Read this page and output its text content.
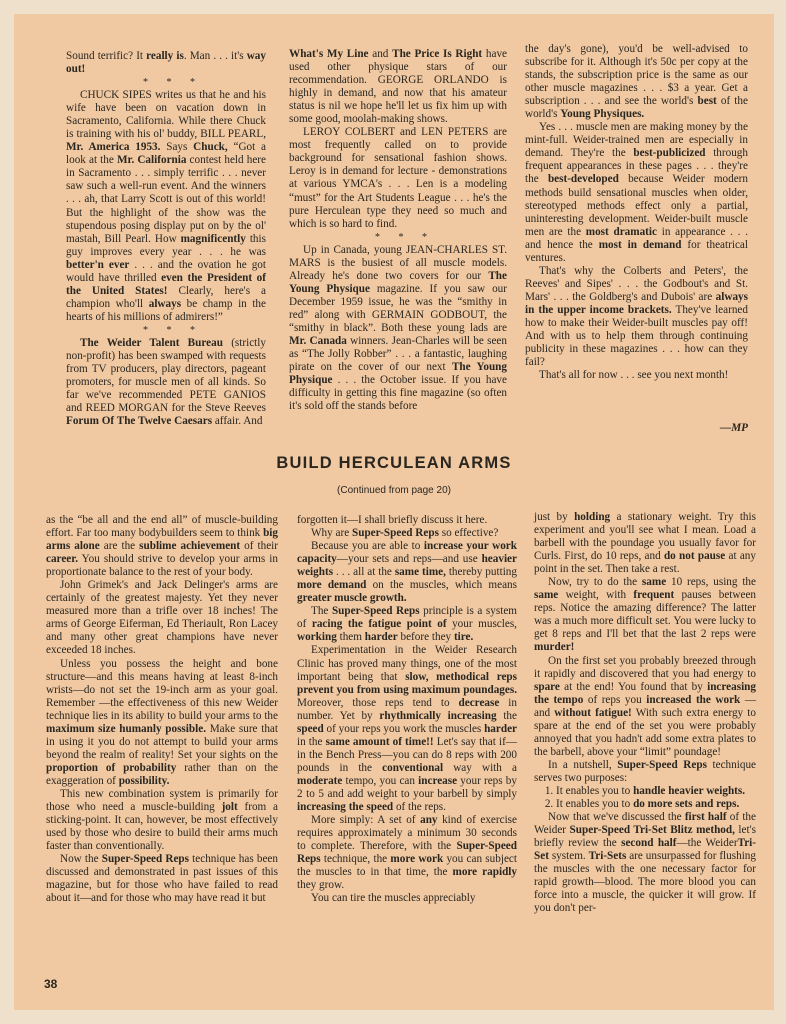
Sound terrific? It really is. Man . . . it's way out!

* * *

CHUCK SIPES writes us that he and his wife have been on vacation down in Sacramento, California. While there Chuck is training with his ol' buddy, BILL PEARL, Mr. America 1953. Says Chuck, “Got a look at the Mr. California contest held here in Sacramento . . . simply terrific . . . never saw such a well-run event. And the winners . . . ah, that Larry Scott is out of this world! But the highlight of the show was the stupendous posing display put on by the ol' mastah, Bill Pearl. How magnificently this guy improves every year . . . he was better'n ever . . . and the ovation he got would have thrilled even the President of the United States! Clearly, here's a champion who'll always be champ in the hearts of his millions of admirers!”

* * *

The Weider Talent Bureau (strictly non-profit) has been swamped with requests from TV producers, play directors, pageant promoters, for muscle men of all kinds. So far we've recommended PETE GANIOS and REED MORGAN for the Steve Reeves Forum Of The Twelve Caesars affair. And

What's My Line and The Price Is Right have used other physique stars of our recommendation. GEORGE ORLANDO is highly in demand, and now that his amateur status is nil we hope he'll let us fix him up with some good, moolah-making shows.

LEROY COLBERT and LEN PETERS are most frequently called on to provide background for sensational fashion shows. Leroy is in demand for lecture - demonstrations at various YMCA's . . . Len is a modeling “must” for the Art Students League . . . he's the pure Herculean type they need so much and which is so hard to find.

* * *

Up in Canada, young JEAN-CHARLES ST. MARS is the busiest of all muscle models. Already he's done two covers for our The Young Physique magazine. If you saw our December 1959 issue, he was the “smithy in red” along with GERMAIN GODBOUT, the “smithy in black”. Both these young lads are Mr. Canada winners. Jean-Charles will be seen as “The Jolly Robber” . . . a fantastic, laughing pirate on the cover of our next The Young Physique . . . the October issue. If you have difficulty in getting this fine magazine (so often it's sold off the stands before

the day's gone), you'd be well-advised to subscribe for it. Although it's 50c per copy at the stands, the subscription price is the same as our other muscle magazines . . . $3 a year. Get a subscription . . . and see the world's best of the world's Young Physiques.

Yes . . . muscle men are making money by the mint-full. Weider-trained men are especially in demand. They're the best-publicized through frequent appearances in these pages . . . they're the best-developed because Weider modern methods build sensational muscles when older, stereotyped methods effect only a partial, uninteresting development. Weider-built muscle men are the most dramatic in appearance . . . and hence the most in demand for theatrical ventures.

That's why the Colberts and Peters', the Reeves' and Sipes' . . . the Godbout's and St. Mars' . . . the Goldberg's and Dubois' are always in the upper income brackets. They've learned how to make their Weider-built muscles pay off! And with us to help them through continuing publicity in these magazines . . . how can they fail?

That's all for now . . . see you next month!

—MP

BUILD HERCULEAN ARMS
(Continued from page 20)

as the “be all and the end all” of muscle-building effort. Far too many bodybuilders seem to think big arms alone are the sublime achievement of their career. You should strive to develop your arms in proportionate balance to the rest of your body.

John Grimek's and Jack Delinger's arms are certainly of the greatest majesty. Yet they never measured more than a trifle over 18 inches! The arms of George Eiferman, Ed Theriault, Ron Lacey and many other great champions have never exceeded 18 inches.

Unless you possess the height and bone structure—and this means having at least 8-inch wrists—do not set the 19-inch arm as your goal. Remember —the effectiveness of this new Weider technique lies in its ability to build your arms to the maximum size humanly possible. Make sure that in using it you do not attempt to build your arms beyond the realm of reality! Set your sights on the proportion of probability rather than on the exaggeration of possibility.

This new combination system is primarily for those who need a muscle-building jolt from a sticking-point. It can, however, be most effectively used by those who desire to build their arms much faster than conventionally.

Now the Super-Speed Reps technique has been discussed and demonstrated in past issues of this magazine, but for those who have failed to read about it—and for those who may have read it but

forgotten it—I shall briefly discuss it here.

Why are Super-Speed Reps so effective?

Because you are able to increase your work capacity—your sets and reps—and use heavier weights . . . all at the same time, thereby putting more demand on the muscles, which means greater muscle growth.

The Super-Speed Reps principle is a system of racing the fatigue point of your muscles, working them harder before they tire.

Experimentation in the Weider Research Clinic has proved many things, one of the most important being that slow, methodical reps prevent you from using maximum poundages. Moreover, those reps tend to decrease in number. Yet by rhythmically increasing the speed of your reps you work the muscles harder in the same amount of time!! Let's say that if—in the Bench Press—you can do 8 reps with 200 pounds in the conventional way with a moderate tempo, you can increase your reps by 2 to 5 and add weight to your barbell by simply increasing the speed of the reps.

More simply: A set of any kind of exercise requires approximately a minimum 30 seconds to complete. Therefore, with the Super-Speed Reps technique, the more work you can subject the muscles to in that time, the more rapidly they grow.

You can tire the muscles appreciably

just by holding a stationary weight. Try this experiment and you'll see what I mean. Load a barbell with the poundage you usually favor for Curls. First, do 10 reps, and do not pause at any point in the set. Then take a rest.

Now, try to do the same 10 reps, using the same weight, with frequent pauses between reps. Notice the amazing difference? The latter was a much more difficult set. You were lucky to get 8 reps and I'll bet that the last 2 reps were murder!

On the first set you probably breezed through it rapidly and discovered that you had energy to spare at the end! You found that by increasing the tempo of reps you increased the work — and without fatigue! With such extra energy to spare at the end of the set you were probably annoyed that you hadn't add some extra plates to the barbell, above your “limit” poundage!

In a nutshell, Super-Speed Reps technique serves two purposes:

1. It enables you to handle heavier weights.
2. It enables you to do more sets and reps.

Now that we've discussed the first half of the Weider Super-Speed Tri-Set Blitz method, let's briefly review the second half—the WeiderTri-Set system. Tri-Sets are unsurpassed for flushing the muscles with the one necessary factor for rapid growth—blood. The more blood you can force into a muscle, the quicker it will grow. If you don't per-

38
